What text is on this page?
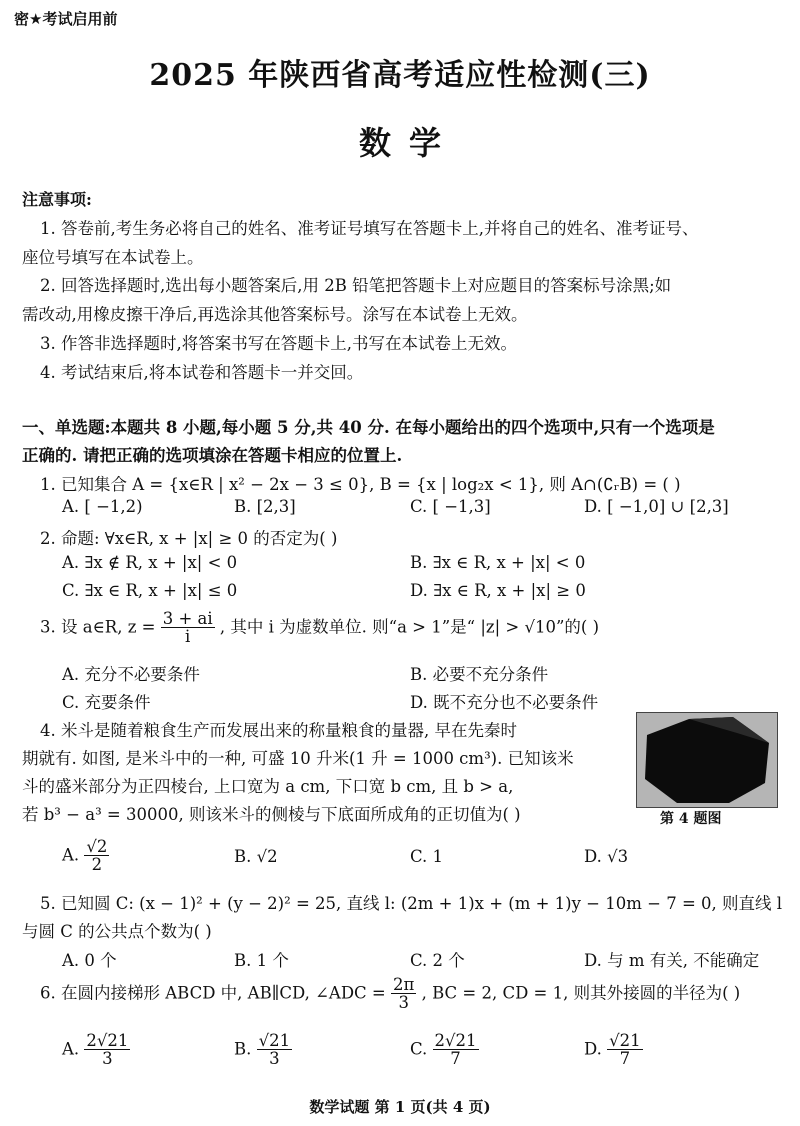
密★考试启用前
2025 年陕西省高考适应性检测(三)
数学
注意事项:
1. 答卷前,考生务必将自己的姓名、准考证号填写在答题卡上,并将自己的姓名、准考证号、
座位号填写在本试卷上。
2. 回答选择题时,选出每小题答案后,用 2B 铅笔把答题卡上对应题目的答案标号涂黑;如
需改动,用橡皮擦干净后,再选涂其他答案标号。涂写在本试卷上无效。
3. 作答非选择题时,将答案书写在答题卡上,书写在本试卷上无效。
4. 考试结束后,将本试卷和答题卡一并交回。
一、单选题:本题共 8 小题,每小题 5 分,共 40 分. 在每小题给出的四个选项中,只有一个选项是
正确的. 请把正确的选项填涂在答题卡相应的位置上.
1. 已知集合 A = {x∈R | x² − 2x − 3 ≤ 0}, B = {x | log₂x < 1}, 则 A∩(∁ᵣB) = ( )
A. [ −1,2)	B. [2,3]	C. [ −1,3]	D. [ −1,0] ∪ [2,3]
2. 命题: ∀x∈R, x + |x| ≥ 0 的否定为( )
A. ∃x ∉ R, x + |x| < 0	B. ∃x ∈ R, x + |x| < 0
C. ∃x ∈ R, x + |x| ≤ 0	D. ∃x ∈ R, x + |x| ≥ 0
3. 设 a∈R, $z = \frac{3 + ai}{i}$ , 其中 i 为虚数单位. 则“a > 1”是“ |z| > √10”的( )
A. 充分不必要条件	B. 必要不充分条件
C. 充要条件	D. 既不充分也不必要条件
4. 米斗是随着粮食生产而发展出来的称量粮食的量器, 早在先秦时
期就有. 如图, 是米斗中的一种, 可盛 10 升米(1 升 = 1000 cm³). 已知该米
斗的盛米部分为正四棱台, 上口宽为 a cm, 下口宽 b cm, 且 b > a,
若 b³ − a³ = 30000, 则该米斗的侧棱与下底面所成角的正切值为( )	第 4 题图
A. $\frac{√2}{2}$	B. √2	C. 1	D. √3
5. 已知圆 C: (x − 1)² + (y − 2)² = 25, 直线 l: (2m + 1)x + (m + 1)y − 10m − 7 = 0, 则直线 l
与圆 C 的公共点个数为( )
A. 0 个	B. 1 个	C. 2 个	D. 与 m 有关, 不能确定
6. 在圆内接梯形 ABCD 中, AB∥CD, ∠ADC = $\frac{2\pi}{3}$ , BC = 2, CD = 1, 则其外接圆的半径为( )
A. $\frac{2√21}{3}$	B. $\frac{√21}{3}$	C. $\frac{2√21}{7}$	D. $\frac{√21}{7}$
数学试题 第 1 页(共 4 页)
